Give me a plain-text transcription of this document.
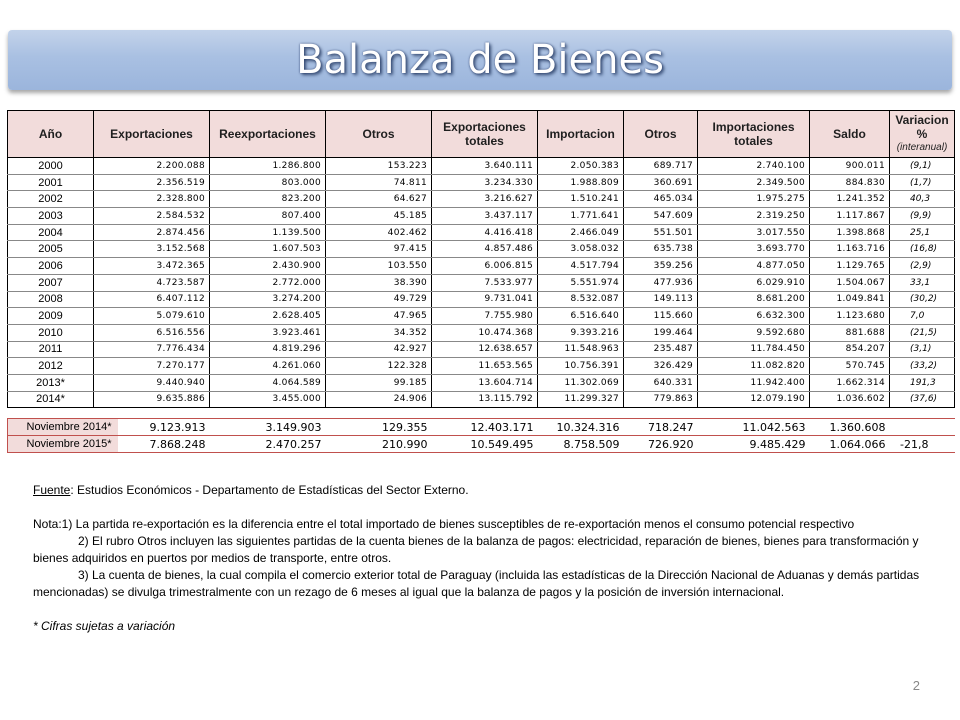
Balanza de Bienes
Año	Exportaciones	Reexportaciones	Otros	Exportaciones totales	Importacion	Otros	Importaciones totales	Saldo	Variacion %
(interanual)

2000	2.200.088	1.286.800	153.223	3.640.111	2.050.383	689.717	2.740.100	900.011	(9,1)
2001	2.356.519	803.000	74.811	3.234.330	1.988.809	360.691	2.349.500	884.830	(1,7)
2002	2.328.800	823.200	64.627	3.216.627	1.510.241	465.034	1.975.275	1.241.352	40,3
2003	2.584.532	807.400	45.185	3.437.117	1.771.641	547.609	2.319.250	1.117.867	(9,9)
2004	2.874.456	1.139.500	402.462	4.416.418	2.466.049	551.501	3.017.550	1.398.868	25,1
2005	3.152.568	1.607.503	97.415	4.857.486	3.058.032	635.738	3.693.770	1.163.716	(16,8)
2006	3.472.365	2.430.900	103.550	6.006.815	4.517.794	359.256	4.877.050	1.129.765	(2,9)
2007	4.723.587	2.772.000	38.390	7.533.977	5.551.974	477.936	6.029.910	1.504.067	33,1
2008	6.407.112	3.274.200	49.729	9.731.041	8.532.087	149.113	8.681.200	1.049.841	(30,2)
2009	5.079.610	2.628.405	47.965	7.755.980	6.516.640	115.660	6.632.300	1.123.680	7,0
2010	6.516.556	3.923.461	34.352	10.474.368	9.393.216	199.464	9.592.680	881.688	(21,5)
2011	7.776.434	4.819.296	42.927	12.638.657	11.548.963	235.487	11.784.450	854.207	(3,1)
2012	7.270.177	4.261.060	122.328	11.653.565	10.756.391	326.429	11.082.820	570.745	(33,2)
2013*	9.440.940	4.064.589	99.185	13.604.714	11.302.069	640.331	11.942.400	1.662.314	191,3
2014*	9.635.886	3.455.000	24.906	13.115.792	11.299.327	779.863	12.079.190	1.036.602	(37,6)
Noviembre 2014*	9.123.913	3.149.903	129.355	12.403.171	10.324.316	718.247	11.042.563	1.360.608	
Noviembre 2015*	7.868.248	2.470.257	210.990	10.549.495	8.758.509	726.920	9.485.429	1.064.066	-21,8

Fuente: Estudios Económicos - Departamento de Estadísticas del Sector Externo.

Nota:1) La partida re-exportación es la diferencia entre el total importado de bienes susceptibles de re-exportación menos el consumo potencial respectivo

2) El rubro Otros incluyen las siguientes partidas de la cuenta bienes de la balanza de pagos: electricidad, reparación de bienes, bienes para transformación y bienes adquiridos en puertos por medios de transporte, entre otros.

3) La cuenta de bienes, la cual compila el comercio exterior total de Paraguay (incluida las estadísticas de la Dirección Nacional de Aduanas y demás partidas mencionadas) se divulga trimestralmente con un rezago de 6 meses al igual que la balanza de pagos y la posición de inversión internacional.

* Cifras sujetas a variación

2
